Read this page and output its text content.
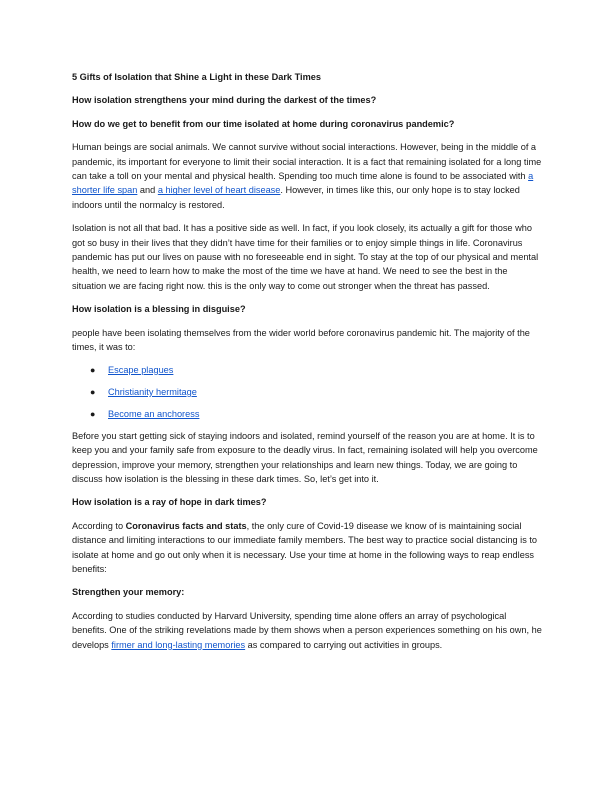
5 Gifts of Isolation that Shine a Light in these Dark Times

How isolation strengthens your mind during the darkest of the times?

How do we get to benefit from our time isolated at home during coronavirus pandemic?

Human beings are social animals. We cannot survive without social interactions. However, being in the middle of a pandemic, its important for everyone to limit their social interaction. It is a fact that remaining isolated for a long time can take a toll on your mental and physical health. Spending too much time alone is found to be associated with a shorter life span and a higher level of heart disease. However, in times like this, our only hope is to stay locked indoors until the normalcy is restored.

Isolation is not all that bad. It has a positive side as well. In fact, if you look closely, its actually a gift for those who got so busy in their lives that they didn’t have time for their families or to enjoy simple things in life. Coronavirus pandemic has put our lives on pause with no foreseeable end in sight. To stay at the top of our physical and mental health, we need to learn how to make the most of the time we have at hand. We need to see the best in the situation we are facing right now. this is the only way to come out stronger when the threat has passed.

How isolation is a blessing in disguise?

people have been isolating themselves from the wider world before coronavirus pandemic hit. The majority of the times, it was to:

● Escape plagues
● Christianity hermitage
● Become an anchoress

Before you start getting sick of staying indoors and isolated, remind yourself of the reason you are at home. It is to keep you and your family safe from exposure to the deadly virus. In fact, remaining isolated will help you overcome depression, improve your memory, strengthen your relationships and learn new things. Today, we are going to discuss how isolation is the blessing in these dark times. So, let’s get into it.

How isolation is a ray of hope in dark times?

According to Coronavirus facts and stats, the only cure of Covid-19 disease we know of is maintaining social distance and limiting interactions to our immediate family members. The best way to practice social distancing is to isolate at home and go out only when it is necessary. Use your time at home in the following ways to reap endless benefits:

Strengthen your memory:

According to studies conducted by Harvard University, spending time alone offers an array of psychological benefits. One of the striking revelations made by them shows when a person experiences something on his own, he develops firmer and long-lasting memories as compared to carrying out activities in groups.
